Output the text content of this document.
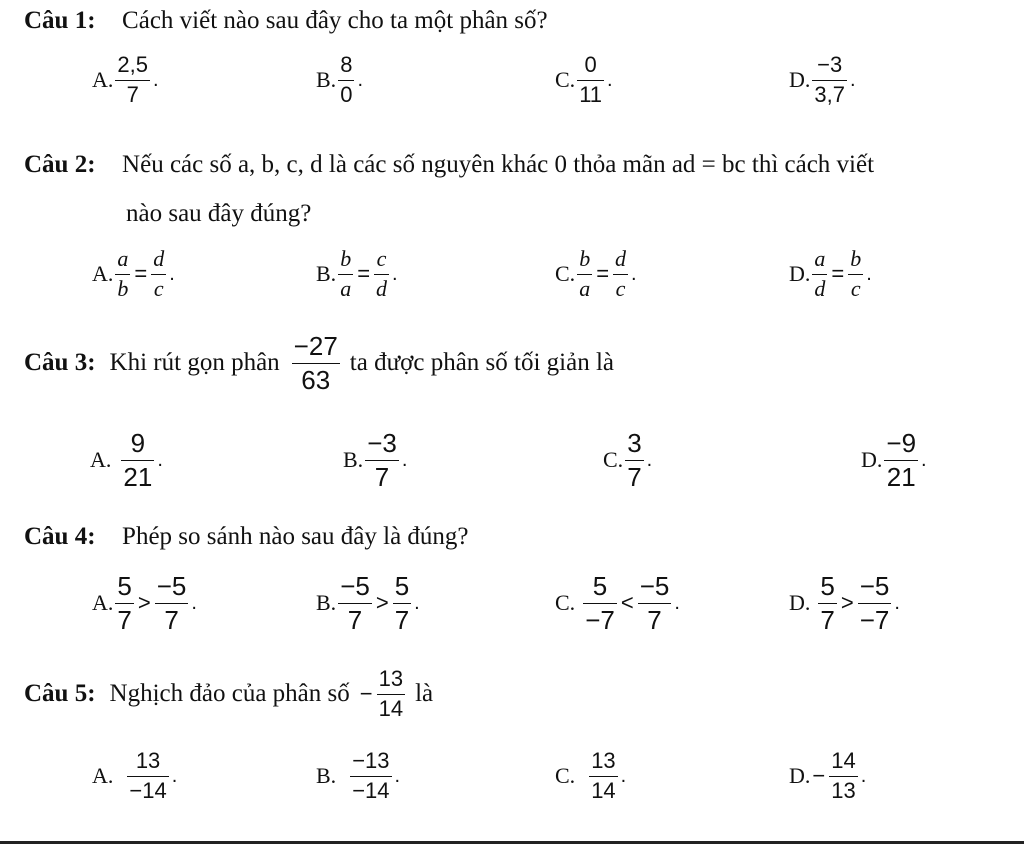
Câu 1: Cách viết nào sau đây cho ta một phân số?
A. $\frac{2,5}{7}$ .	B. $\frac{8}{0}$ .	C. $\frac{0}{11}$ .	D. $\frac{-3}{3,7}$ .
Câu 2: Nếu các số a, b, c, d là các số nguyên khác 0 thỏa mãn ad = bc thì cách viết
nào sau đây đúng?
A. $\frac{a}{b} = \frac{d}{c}$ .	B. $\frac{b}{a} = \frac{c}{d}$ .	C. $\frac{b}{a} = \frac{d}{c}$ .	D. $\frac{a}{d} = \frac{b}{c}$ .
Câu 3: Khi rút gọn phân $\frac{-27}{63}$ ta được phân số tối giản là
A. $\frac{9}{21}$ .	B. $\frac{-3}{7}$ .	C. $\frac{3}{7}$ .	D. $\frac{-9}{21}$ .
Câu 4: Phép so sánh nào sau đây là đúng?
A. $\frac{5}{7} > \frac{-5}{7}$ .	B. $\frac{-5}{7} > \frac{5}{7}$ .	C. $\frac{5}{-7} < \frac{-5}{7}$ .	D. $\frac{5}{7} > \frac{-5}{-7}$ .
Câu 5: Nghịch đảo của phân số − $\frac{13}{14}$ là
A. $\frac{13}{-14}$ .	B. $\frac{-13}{-14}$ .	C. $\frac{13}{14}$ .	D. − $\frac{14}{13}$ .
